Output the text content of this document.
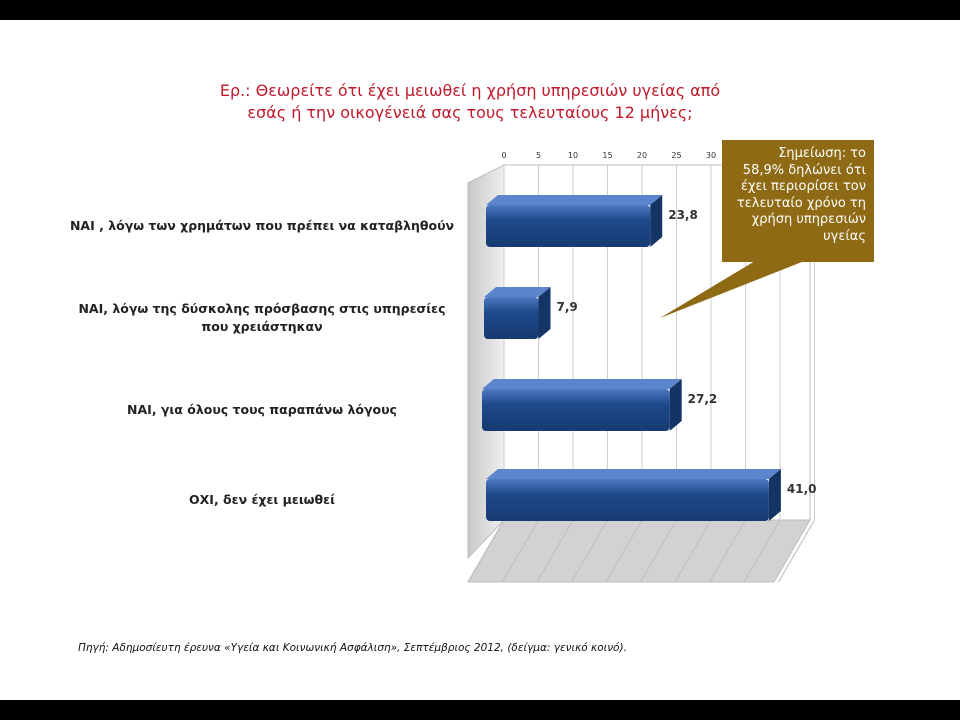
Ερ.: Θεωρείτε ότι έχει μειωθεί η χρήση υπηρεσιών υγείας από
εσάς ή την οικογένειά σας τους τελευταίους 12 μήνες;
0	5	10	15	20	25	30
23,8
7,9
27,2
41,0
ΝΑΙ , λόγω των χρημάτων που πρέπει να καταβληθούν
ΝΑΙ, λόγω της δύσκολης πρόσβασης στις υπηρεσίες
που χρειάστηκαν
ΝΑΙ, για όλους τους παραπάνω λόγους
ΟΧΙ, δεν έχει μειωθεί
Σημείωση: το
58,9% δηλώνει ότι
έχει περιορίσει τον
τελευταίο χρόνο τη
χρήση υπηρεσιών
υγείας
Πηγή: Αδημοσίευτη έρευνα «Υγεία και Κοινωνική Ασφάλιση», Σεπτέμβριος 2012, (δείγμα: γενικό κοινό).
